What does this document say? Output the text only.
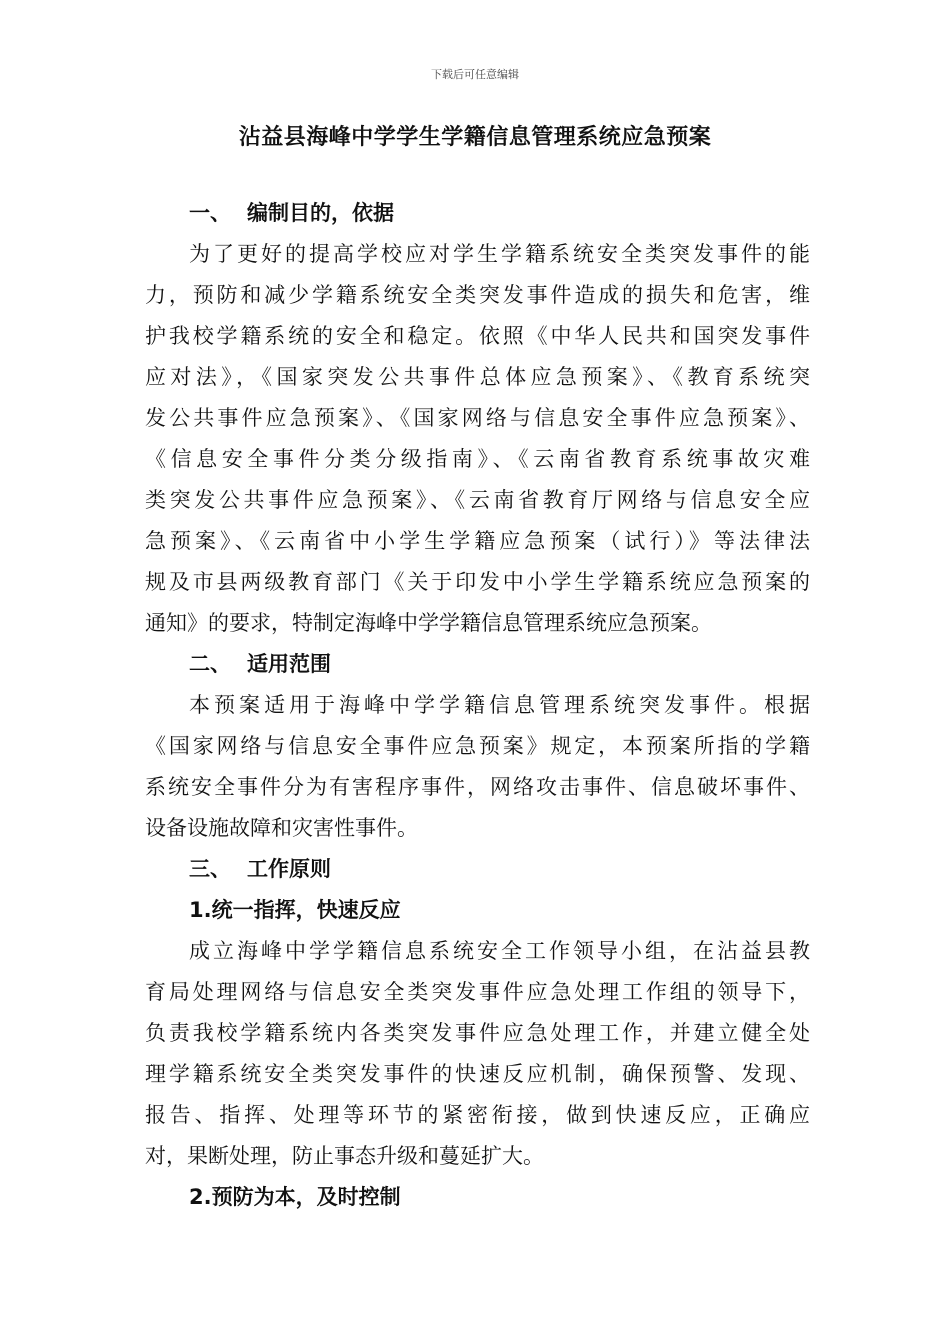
下载后可任意编辑
沾益县海峰中学学生学籍信息管理系统应急预案
一、 编制目的，依据
为了更好的提高学校应对学生学籍系统安全类突发事件的能
力，预防和减少学籍系统安全类突发事件造成的损失和危害，维
护我校学籍系统的安全和稳定。依照《中华人民共和国突发事件
应对法》，《国家突发公共事件总体应急预案》、《教育系统突
发公共事件应急预案》、《国家网络与信息安全事件应急预案》、
《信息安全事件分类分级指南》、《云南省教育系统事故灾难
类突发公共事件应急预案》、《云南省教育厅网络与信息安全应
急预案》、《云南省中小学生学籍应急预案（试行）》等法律法
规及市县两级教育部门《关于印发中小学生学籍系统应急预案的
通知》的要求，特制定海峰中学学籍信息管理系统应急预案。
二、 适用范围
本预案适用于海峰中学学籍信息管理系统突发事件。根据
《国家网络与信息安全事件应急预案》规定，本预案所指的学籍
系统安全事件分为有害程序事件，网络攻击事件、信息破坏事件、
设备设施故障和灾害性事件。
三、 工作原则
1.统一指挥，快速反应
成立海峰中学学籍信息系统安全工作领导小组，在沾益县教
育局处理网络与信息安全类突发事件应急处理工作组的领导下，
负责我校学籍系统内各类突发事件应急处理工作，并建立健全处
理学籍系统安全类突发事件的快速反应机制，确保预警、发现、
报告、指挥、处理等环节的紧密衔接，做到快速反应，正确应
对，果断处理，防止事态升级和蔓延扩大。
2.预防为本，及时控制
